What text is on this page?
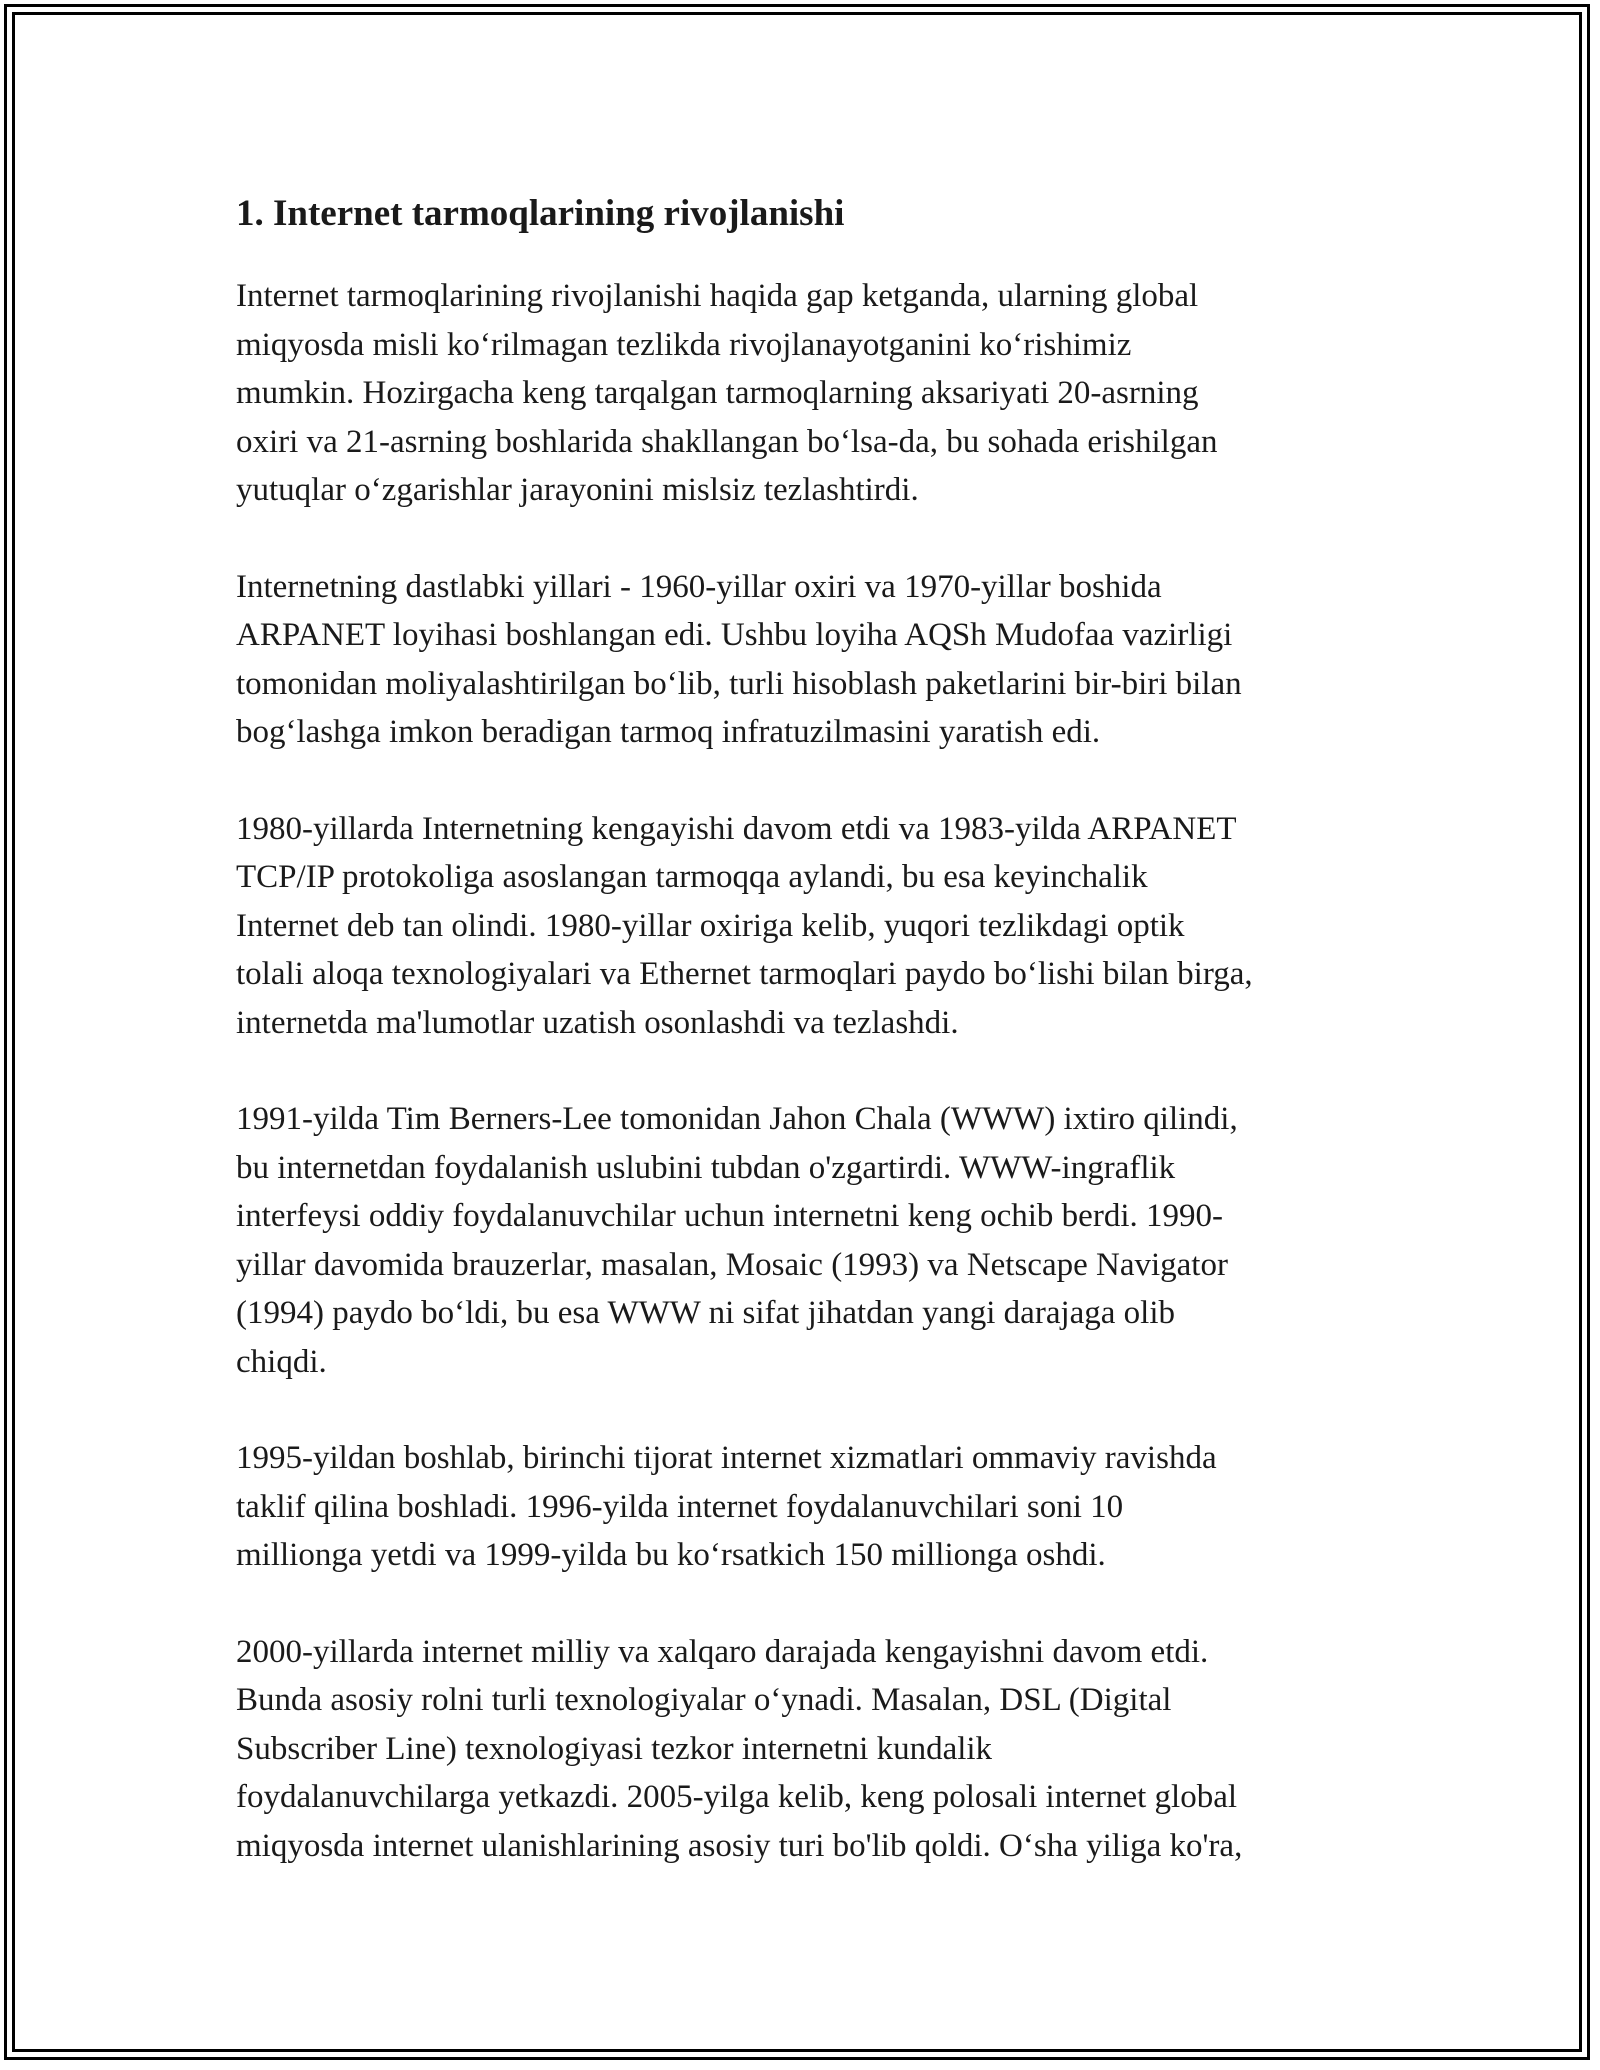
1. Internet tarmoqlarining rivojlanishi

Internet tarmoqlarining rivojlanishi haqida gap ketganda, ularning global
miqyosda misli ko‘rilmagan tezlikda rivojlanayotganini ko‘rishimiz
mumkin. Hozirgacha keng tarqalgan tarmoqlarning aksariyati 20-asrning
oxiri va 21-asrning boshlarida shakllangan bo‘lsa-da, bu sohada erishilgan
yutuqlar o‘zgarishlar jarayonini mislsiz tezlashtirdi.

Internetning dastlabki yillari - 1960-yillar oxiri va 1970-yillar boshida
ARPANET loyihasi boshlangan edi. Ushbu loyiha AQSh Mudofaa vazirligi
tomonidan moliyalashtirilgan bo‘lib, turli hisoblash paketlarini bir-biri bilan
bog‘lashga imkon beradigan tarmoq infratuzilmasini yaratish edi.

1980-yillarda Internetning kengayishi davom etdi va 1983-yilda ARPANET
TCP/IP protokoliga asoslangan tarmoqqa aylandi, bu esa keyinchalik
Internet deb tan olindi. 1980-yillar oxiriga kelib, yuqori tezlikdagi optik
tolali aloqa texnologiyalari va Ethernet tarmoqlari paydo bo‘lishi bilan birga,
internetda ma'lumotlar uzatish osonlashdi va tezlashdi.

1991-yilda Tim Berners-Lee tomonidan Jahon Chala (WWW) ixtiro qilindi,
bu internetdan foydalanish uslubini tubdan o'zgartirdi. WWW-ingraflik
interfeysi oddiy foydalanuvchilar uchun internetni keng ochib berdi. 1990-
yillar davomida brauzerlar, masalan, Mosaic (1993) va Netscape Navigator
(1994) paydo bo‘ldi, bu esa WWW ni sifat jihatdan yangi darajaga olib
chiqdi.

1995-yildan boshlab, birinchi tijorat internet xizmatlari ommaviy ravishda
taklif qilina boshladi. 1996-yilda internet foydalanuvchilari soni 10
millionga yetdi va 1999-yilda bu ko‘rsatkich 150 millionga oshdi.

2000-yillarda internet milliy va xalqaro darajada kengayishni davom etdi.
Bunda asosiy rolni turli texnologiyalar o‘ynadi. Masalan, DSL (Digital
Subscriber Line) texnologiyasi tezkor internetni kundalik
foydalanuvchilarga yetkazdi. 2005-yilga kelib, keng polosali internet global
miqyosda internet ulanishlarining asosiy turi bo'lib qoldi. O‘sha yiliga ko'ra,
